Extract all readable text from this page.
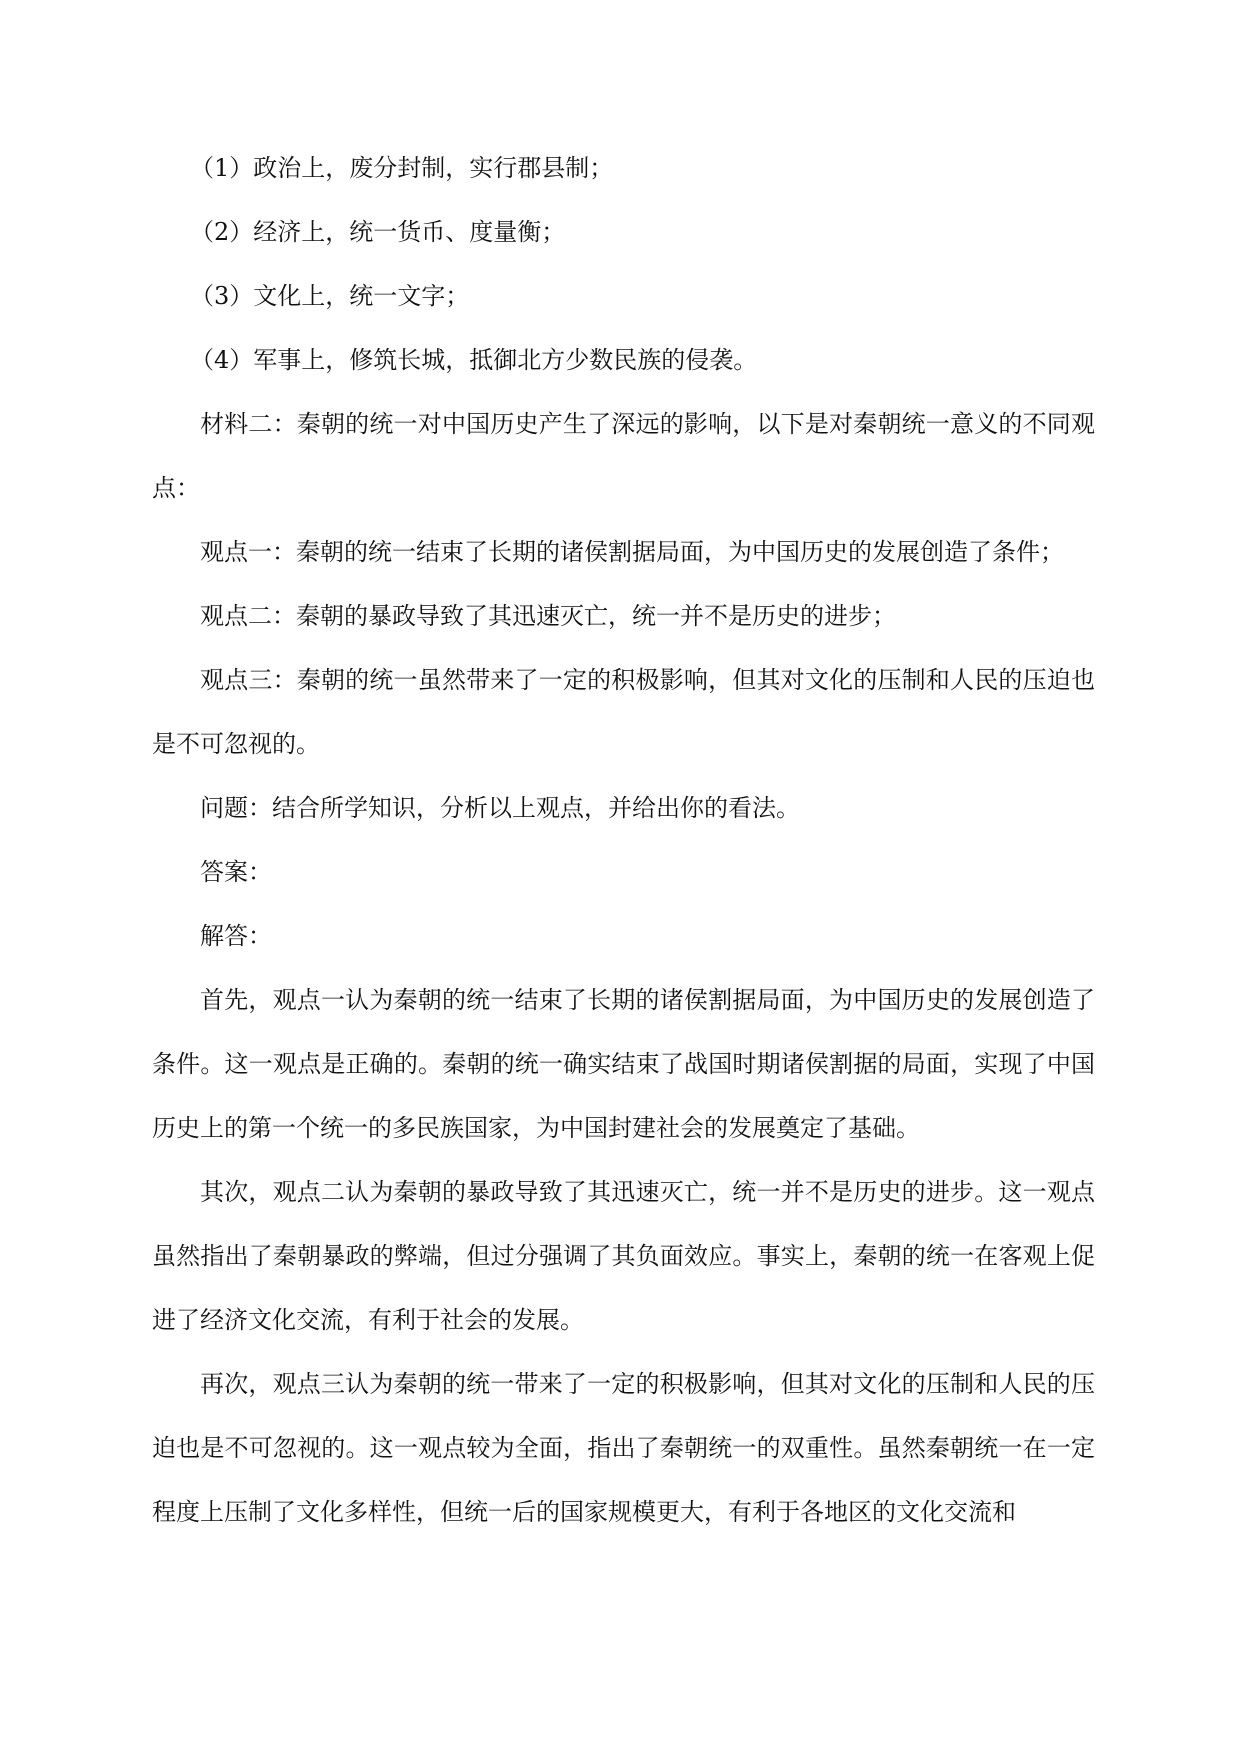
（1）政治上，废分封制，实行郡县制；

（2）经济上，统一货币、度量衡；

（3）文化上，统一文字；

（4）军事上，修筑长城，抵御北方少数民族的侵袭。

材料二：秦朝的统一对中国历史产生了深远的影响，以下是对秦朝统一意义的不同观点：

观点一：秦朝的统一结束了长期的诸侯割据局面，为中国历史的发展创造了条件；

观点二：秦朝的暴政导致了其迅速灭亡，统一并不是历史的进步；

观点三：秦朝的统一虽然带来了一定的积极影响，但其对文化的压制和人民的压迫也是不可忽视的。

问题：结合所学知识，分析以上观点，并给出你的看法。

答案：

解答：

首先，观点一认为秦朝的统一结束了长期的诸侯割据局面，为中国历史的发展创造了条件。这一观点是正确的。秦朝的统一确实结束了战国时期诸侯割据的局面，实现了中国历史上的第一个统一的多民族国家，为中国封建社会的发展奠定了基础。

其次，观点二认为秦朝的暴政导致了其迅速灭亡，统一并不是历史的进步。这一观点虽然指出了秦朝暴政的弊端，但过分强调了其负面效应。事实上，秦朝的统一在客观上促进了经济文化交流，有利于社会的发展。

再次，观点三认为秦朝的统一带来了一定的积极影响，但其对文化的压制和人民的压迫也是不可忽视的。这一观点较为全面，指出了秦朝统一的双重性。虽然秦朝统一在一定程度上压制了文化多样性，但统一后的国家规模更大，有利于各地区的文化交流和
